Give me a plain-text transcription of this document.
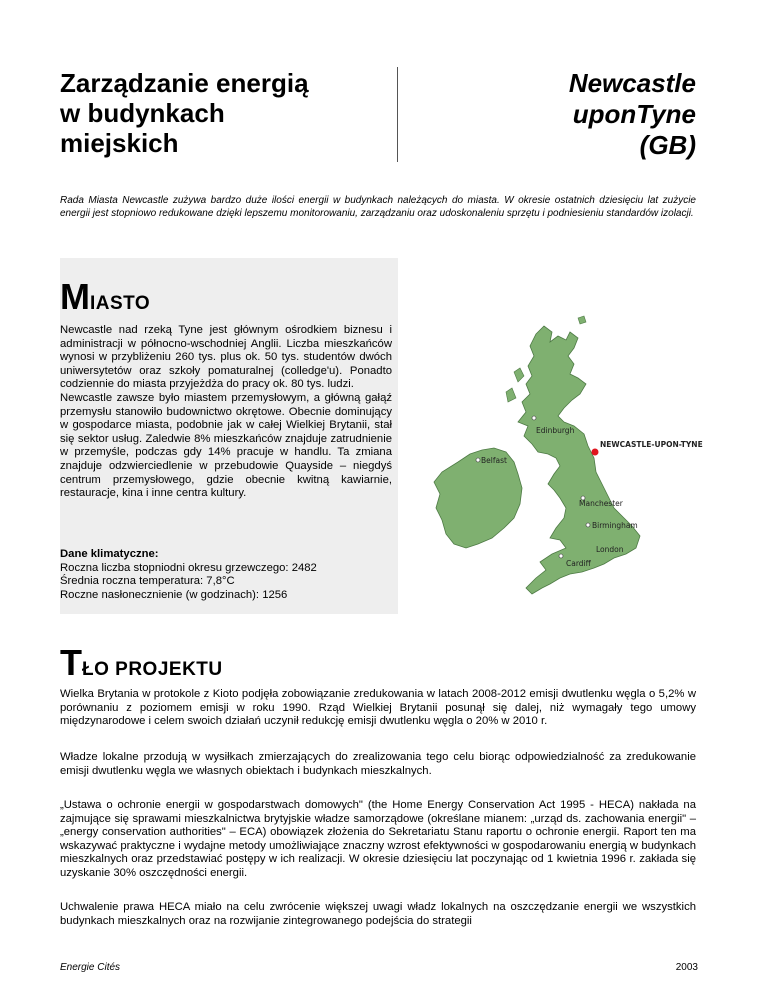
Zarządzanie energią
w budynkach
miejskich
Newcastle
uponTyne
(GB)
Rada Miasta Newcastle zużywa bardzo duże ilości energii w budynkach należących do miasta. W okresie ostatnich dziesięciu lat zużycie energii jest stopniowo redukowane dzięki lepszemu monitorowaniu, zarządzaniu oraz udoskonaleniu sprzętu i podniesieniu standardów izolacji.
MIASTO
Newcastle nad rzeką Tyne jest głównym ośrodkiem biznesu i administracji w północno-wschodniej Anglii. Liczba mieszkańców wynosi w przybliżeniu 260 tys. plus ok. 50 tys. studentów dwóch uniwersytetów oraz szkoły pomaturalnej (colledge'u). Ponadto codziennie do miasta przyjeżdża do pracy ok. 80 tys. ludzi.
Newcastle zawsze było miastem przemysłowym, a główną gałąź przemysłu stanowiło budownictwo okrętowe. Obecnie dominujący w gospodarce miasta, podobnie jak w całej Wielkiej Brytanii, stał się sektor usług. Zaledwie 8% mieszkańców znajduje zatrudnienie w przemyśle, podczas gdy 14% pracuje w handlu. Ta zmiana znajduje odzwierciedlenie w przebudowie Quayside – niegdyś centrum przemysłowego, gdzie obecnie kwitną kawiarnie, restauracje, kina i inne centra kultury.
Dane klimatyczne:
Roczna liczba stopniodni okresu grzewczego: 2482
Średnia roczna temperatura: 7,8°C
Roczne nasłonecznienie (w godzinach): 1256
Edinburgh
NEWCASTLE-UPON-TYNE
Belfast
Manchester
Birmingham
London
Cardiff
TŁO PROJEKTU
Wielka Brytania w protokole z Kioto podjęła zobowiązanie zredukowania w latach 2008-2012 emisji dwutlenku węgla o 5,2% w porównaniu z poziomem emisji w roku 1990. Rząd Wielkiej Brytanii posunął się dalej, niż wymagały tego umowy międzynarodowe i celem swoich działań uczynił redukcję emisji dwutlenku węgla o 20% w 2010 r.
Władze lokalne przodują w wysiłkach zmierzających do zrealizowania tego celu biorąc odpowiedzialność za zredukowanie emisji dwutlenku węgla we własnych obiektach i budynkach mieszkalnych.
„Ustawa o ochronie energii w gospodarstwach domowych" (the Home Energy Conservation Act 1995 - HECA) nakłada na zajmujące się sprawami mieszkalnictwa brytyjskie władze samorządowe (określane mianem: „urząd ds. zachowania energii" – „energy conservation authorities" – ECA) obowiązek złożenia do Sekretariatu Stanu raportu o ochronie energii. Raport ten ma wskazywać praktyczne i wydajne metody umożliwiające znaczny wzrost efektywności w gospodarowaniu energią w budynkach mieszkalnych oraz przedstawiać postępy w ich realizacji. W okresie dziesięciu lat poczynając od 1 kwietnia 1996 r. zakłada się uzyskanie 30% oszczędności energii.
Uchwalenie prawa HECA miało na celu zwrócenie większej uwagi władz lokalnych na oszczędzanie energii we wszystkich budynkach mieszkalnych oraz na rozwijanie zintegrowanego podejścia do strategii
Energie Cités	2003
